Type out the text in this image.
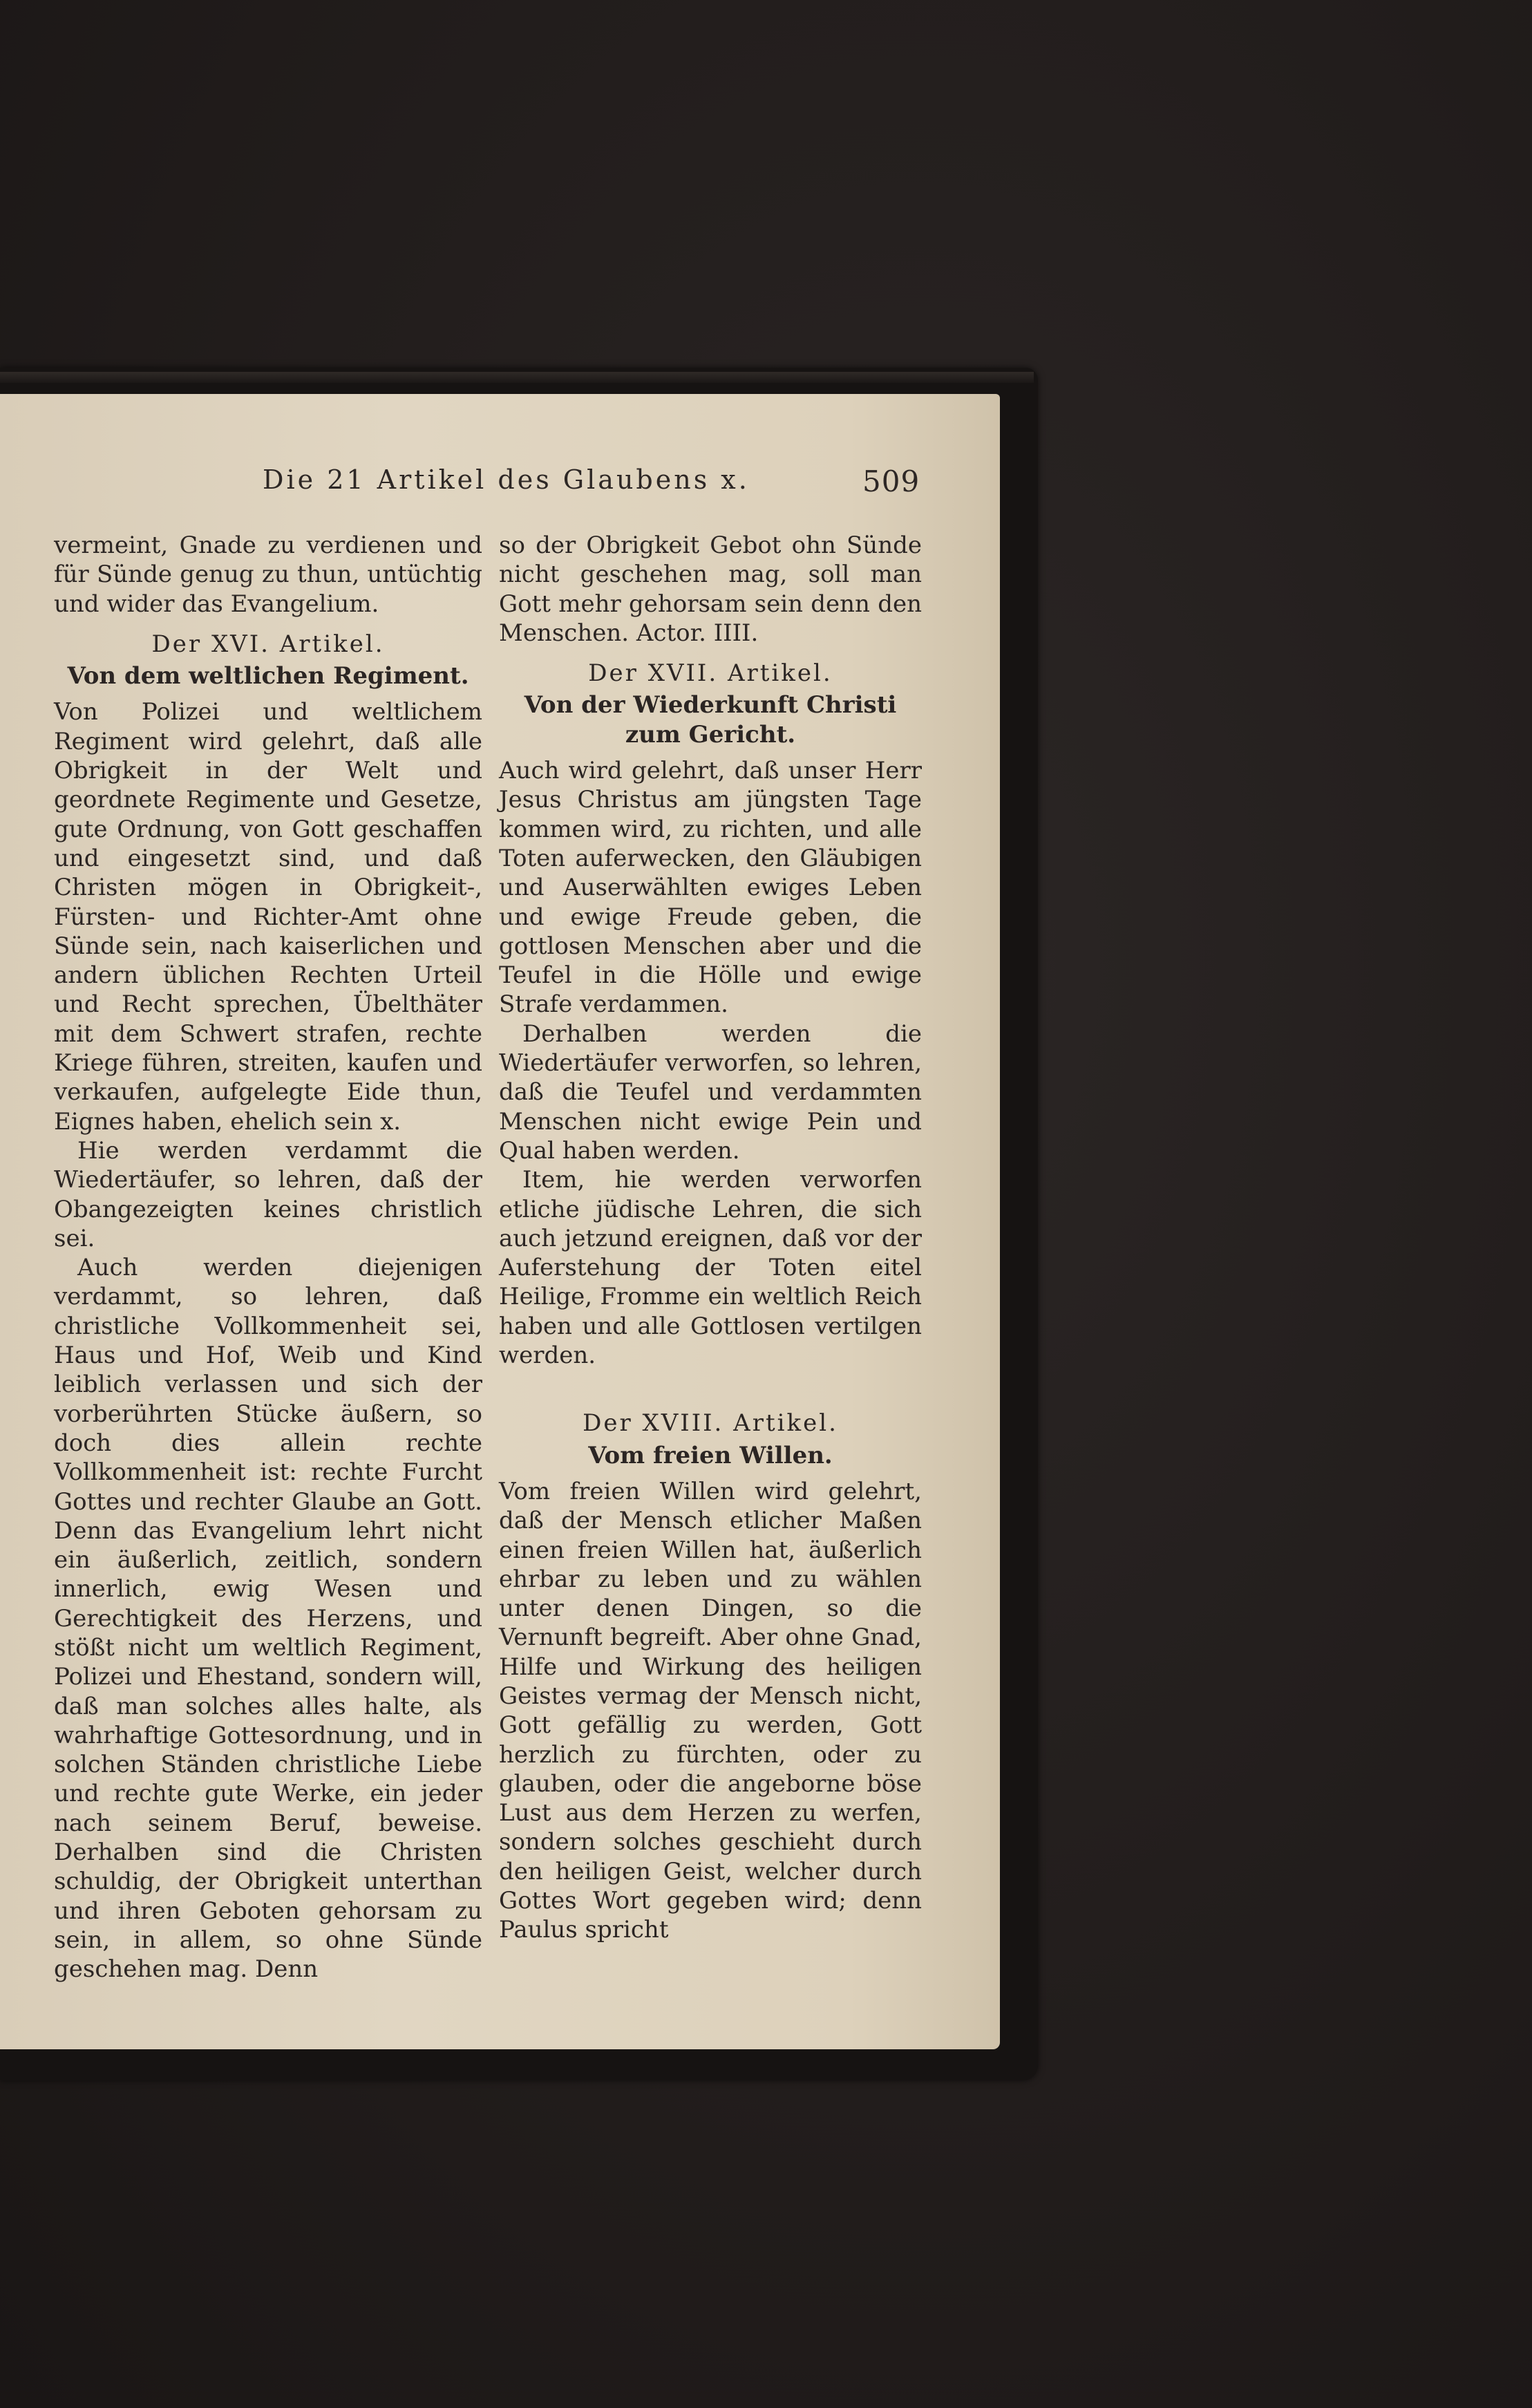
Die 21 Artikel des Glaubens x.	509

vermeint, Gnade zu verdienen und für Sünde genug zu thun, untüchtig und wider das Evangelium.

Der XVI. Artikel.
Von dem weltlichen Regiment.

Von Polizei und weltlichem Regiment wird gelehrt, daß alle Obrigkeit in der Welt und geordnete Regimente und Gesetze, gute Ordnung, von Gott geschaffen und eingesetzt sind, und daß Christen mögen in Obrigkeit-, Fürsten- und Richter-Amt ohne Sünde sein, nach kaiserlichen und andern üblichen Rechten Urteil und Recht sprechen, Übelthäter mit dem Schwert strafen, rechte Kriege führen, streiten, kaufen und verkaufen, aufgelegte Eide thun, Eignes haben, ehelich sein x.

Hie werden verdammt die Wiedertäufer, so lehren, daß der Obangezeigten keines christlich sei.

Auch werden diejenigen verdammt, so lehren, daß christliche Vollkommenheit sei, Haus und Hof, Weib und Kind leiblich verlassen und sich der vorberührten Stücke äußern, so doch dies allein rechte Vollkommenheit ist: rechte Furcht Gottes und rechter Glaube an Gott. Denn das Evangelium lehrt nicht ein äußerlich, zeitlich, sondern innerlich, ewig Wesen und Gerechtigkeit des Herzens, und stößt nicht um weltlich Regiment, Polizei und Ehestand, sondern will, daß man solches alles halte, als wahrhaftige Gottesordnung, und in solchen Ständen christliche Liebe und rechte gute Werke, ein jeder nach seinem Beruf, beweise. Derhalben sind die Christen schuldig, der Obrigkeit unterthan und ihren Geboten gehorsam zu sein, in allem, so ohne Sünde geschehen mag. Denn

so der Obrigkeit Gebot ohn Sünde nicht geschehen mag, soll man Gott mehr gehorsam sein denn den Menschen. Actor. IIII.

Der XVII. Artikel.
Von der Wiederkunft Christi zum Gericht.

Auch wird gelehrt, daß unser Herr Jesus Christus am jüngsten Tage kommen wird, zu richten, und alle Toten auferwecken, den Gläubigen und Auserwählten ewiges Leben und ewige Freude geben, die gottlosen Menschen aber und die Teufel in die Hölle und ewige Strafe verdammen.

Derhalben werden die Wiedertäufer verworfen, so lehren, daß die Teufel und verdammten Menschen nicht ewige Pein und Qual haben werden.

Item, hie werden verworfen etliche jüdische Lehren, die sich auch jetzund ereignen, daß vor der Auferstehung der Toten eitel Heilige, Fromme ein weltlich Reich haben und alle Gottlosen vertilgen werden.

Der XVIII. Artikel.
Vom freien Willen.

Vom freien Willen wird gelehrt, daß der Mensch etlicher Maßen einen freien Willen hat, äußerlich ehrbar zu leben und zu wählen unter denen Dingen, so die Vernunft begreift. Aber ohne Gnad, Hilfe und Wirkung des heiligen Geistes vermag der Mensch nicht, Gott gefällig zu werden, Gott herzlich zu fürchten, oder zu glauben, oder die angeborne böse Lust aus dem Herzen zu werfen, sondern solches geschieht durch den heiligen Geist, welcher durch Gottes Wort gegeben wird; denn Paulus spricht
